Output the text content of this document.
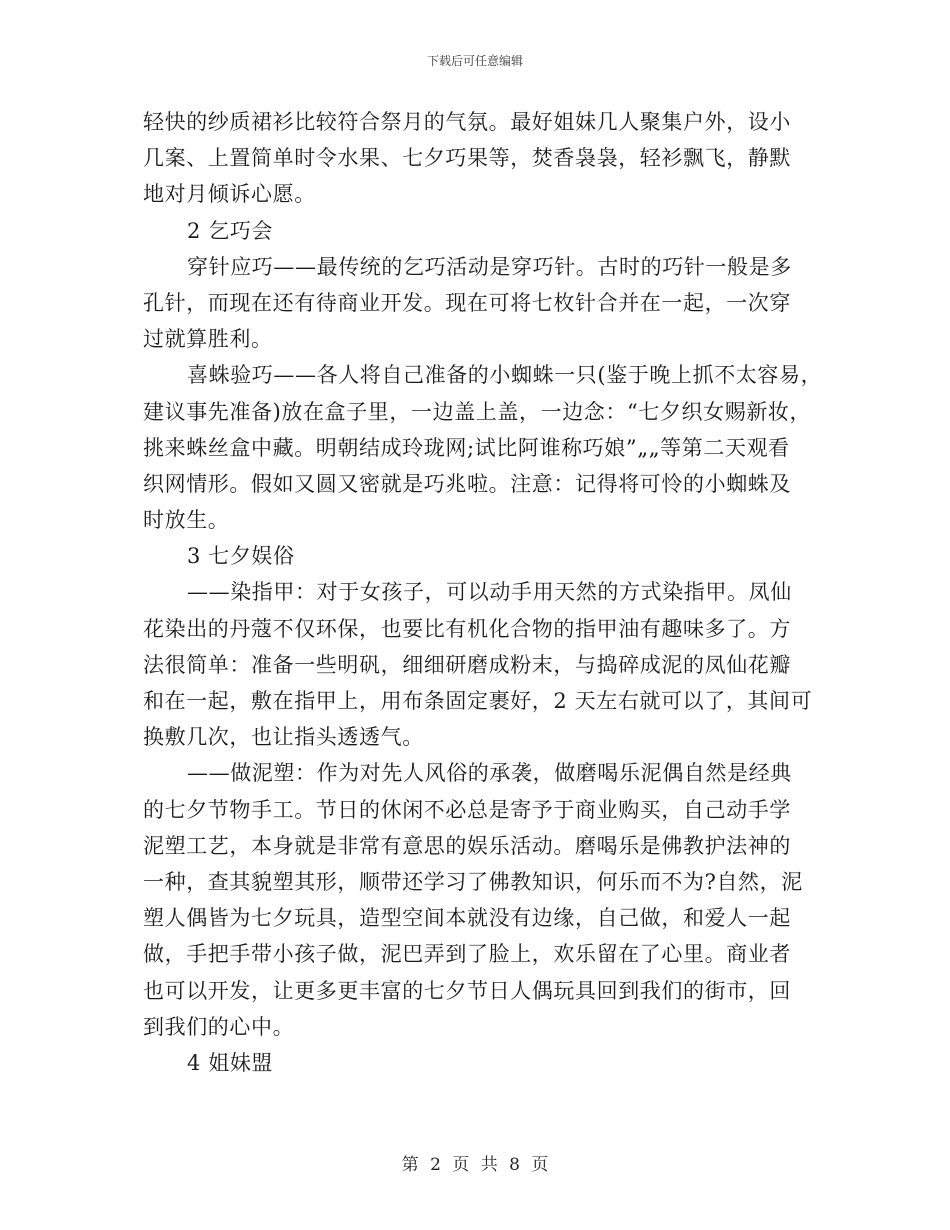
下载后可任意编辑
轻快的纱质裙衫比较符合祭月的气氛。最好姐妹几人聚集户外，设小
几案、上置简单时令水果、七夕巧果等，焚香袅袅，轻衫飘飞，静默
地对月倾诉心愿。
2 乞巧会
穿针应巧——最传统的乞巧活动是穿巧针。古时的巧针一般是多
孔针，而现在还有待商业开发。现在可将七枚针合并在一起，一次穿
过就算胜利。
喜蛛验巧——各人将自己准备的小蜘蛛一只(鉴于晚上抓不太容易，
建议事先准备)放在盒子里，一边盖上盖，一边念：“七夕织女赐新妆，
挑来蛛丝盒中藏。明朝结成玲珑网;试比阿谁称巧娘”„„等第二天观看
织网情形。假如又圆又密就是巧兆啦。注意：记得将可怜的小蜘蛛及
时放生。
3 七夕娱俗
——染指甲：对于女孩子，可以动手用天然的方式染指甲。凤仙
花染出的丹蔻不仅环保，也要比有机化合物的指甲油有趣味多了。方
法很简单：准备一些明矾，细细研磨成粉末，与捣碎成泥的凤仙花瓣
和在一起，敷在指甲上，用布条固定裹好，2 天左右就可以了，其间可
换敷几次，也让指头透透气。
——做泥塑：作为对先人风俗的承袭，做磨喝乐泥偶自然是经典
的七夕节物手工。节日的休闲不必总是寄予于商业购买，自己动手学
泥塑工艺，本身就是非常有意思的娱乐活动。磨喝乐是佛教护法神的
一种，查其貌塑其形，顺带还学习了佛教知识，何乐而不为?自然，泥
塑人偶皆为七夕玩具，造型空间本就没有边缘，自己做，和爱人一起
做，手把手带小孩子做，泥巴弄到了脸上，欢乐留在了心里。商业者
也可以开发，让更多更丰富的七夕节日人偶玩具回到我们的街市，回
到我们的心中。
4 姐妹盟
第 2 页 共 8 页
